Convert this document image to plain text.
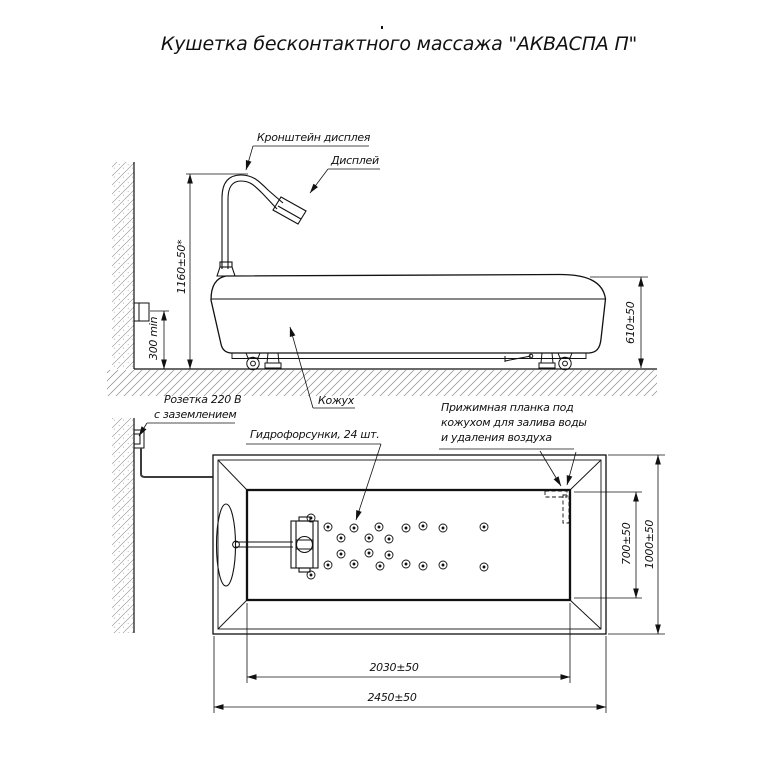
Кушетка бесконтактного массажа "АКВАСПА П"
Кронштейн дисплея
Дисплей
Кожух
Розетка 220 В
с заземлением
Гидрофорсунки, 24 шт.
Прижимная планка под
кожухом для залива воды
и удаления воздуха
1160±50*
300 min	610±50
700±50 1000±50
2030±50
2450±50
